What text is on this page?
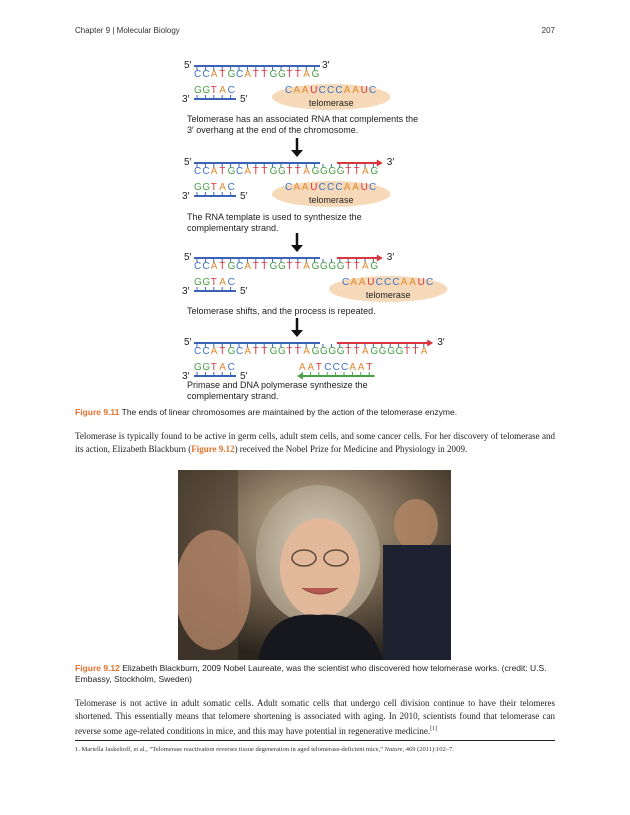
Chapter 9 | Molecular Biology	207
5′	3′
C C A T G C A T T G G T T A G
G G T A C
3′	5′
C A A U C C C A A U C
telomerase
Telomerase has an associated RNA that complements the
3′ overhang at the end of the chromosome.
5′	3′
C C A T G C A T T G G T T A G G G G T T A G
G G T A C
3′	5′
C A A U C C C A A U C
telomerase
The RNA template is used to synthesize the
complementary strand.
5′	3′
C C A T G C A T T G G T T A G G G G T T A G
G G T A C
3′	5′
C A A U C C C A A U C
telomerase
Telomerase shifts, and the process is repeated.
5′	3′
C C A T G C A T T G G T T A G G G G T T A G G G G T T A
G G T A C
3′	5′
A A T C C C A A T
Primase and DNA polymerase synthesize the
complementary strand.
Figure 9.11 The ends of linear chromosomes are maintained by the action of the telomerase enzyme.
Telomerase is typically found to be active in germ cells, adult stem cells, and some cancer cells. For her discovery of telomerase and its action, Elizabeth Blackburn (Figure 9.12) received the Nobel Prize for Medicine and Physiology in 2009.
Figure 9.12 Elizabeth Blackburn, 2009 Nobel Laureate, was the scientist who discovered how telomerase works. (credit: U.S. Embassy, Stockholm, Sweden)
Telomerase is not active in adult somatic cells. Adult somatic cells that undergo cell division continue to have their telomeres shortened. This essentially means that telomere shortening is associated with aging. In 2010, scientists found that telomerase can reverse some age-related conditions in mice, and this may have potential in regenerative medicine.[1]
1. Mariella Jaskelioff, et al., “Telomerase reactivation reverses tissue degeneration in aged telomerase-deficient mice,” Nature, 469 (2011):102–7.
